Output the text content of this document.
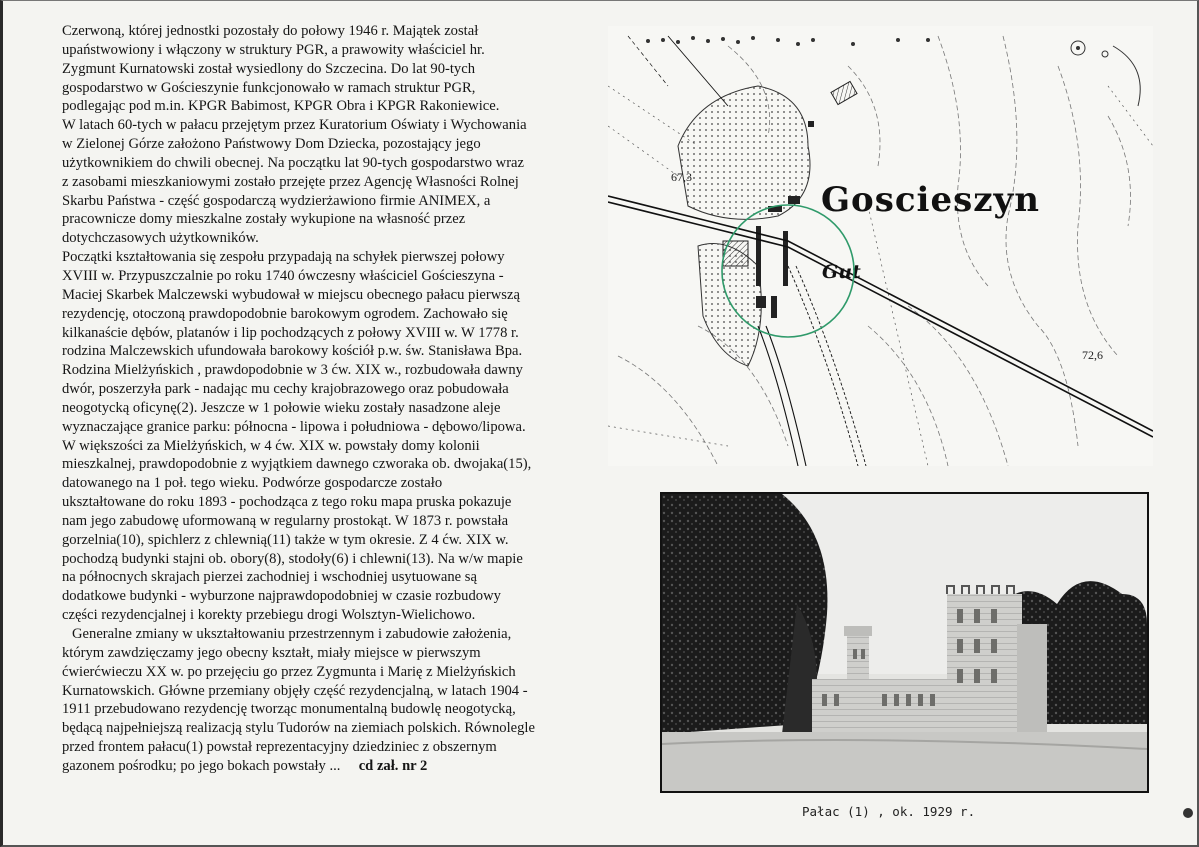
Czerwoną, której jednostki pozostały do połowy 1946 r. Majątek został
upaństwowiony i włączony w struktury PGR, a prawowity właściciel hr.
Zygmunt Kurnatowski został wysiedlony do Szczecina. Do lat 90-tych
gospodarstwo w Gościeszynie funkcjonowało w ramach struktur PGR,
podlegając pod m.in. KPGR Babimost, KPGR Obra i KPGR Rakoniewice.
W latach 60-tych w pałacu przejętym przez Kuratorium Oświaty i Wychowania
w Zielonej Górze założono Państwowy Dom Dziecka, pozostający jego
użytkownikiem do chwili obecnej. Na początku lat 90-tych gospodarstwo wraz
z zasobami mieszkaniowymi zostało przejęte przez Agencję Własności Rolnej
Skarbu Państwa - część gospodarczą wydzierżawiono firmie ANIMEX, a
pracownicze domy mieszkalne zostały wykupione na własność przez
dotychczasowych użytkowników.
Początki kształtowania się zespołu przypadają na schyłek pierwszej połowy
XVIII w. Przypuszczalnie po roku 1740 ówczesny właściciel Gościeszyna -
Maciej Skarbek Malczewski wybudował w miejscu obecnego pałacu pierwszą
rezydencję, otoczoną prawdopodobnie barokowym ogrodem. Zachowało się
kilkanaście dębów, platanów i lip pochodzących z połowy XVIII w. W 1778 r.
rodzina Malczewskich ufundowała barokowy kościół p.w. św. Stanisława Bpa.
Rodzina Mielżyńskich , prawdopodobnie w 3 ćw. XIX w., rozbudowała dawny
dwór, poszerzyła park - nadając mu cechy krajobrazowego oraz pobudowała
neogotycką oficynę(2). Jeszcze w 1 połowie wieku zostały nasadzone aleje
wyznaczające granice parku: północna - lipowa i południowa - dębowo/lipowa.
W większości za Mielżyńskich, w 4 ćw. XIX w. powstały domy kolonii
mieszkalnej, prawdopodobnie z wyjątkiem dawnego czworaka ob. dwojaka(15),
datowanego na 1 poł. tego wieku. Podwórze gospodarcze zostało
ukształtowane do roku 1893 - pochodząca z tego roku mapa pruska pokazuje
nam jego zabudowę uformowaną w regularny prostokąt. W 1873 r. powstała
gorzelnia(10), spichlerz z chlewnią(11) także w tym okresie. Z 4 ćw. XIX w.
pochodzą budynki stajni ob. obory(8), stodoły(6) i chlewni(13). Na w/w mapie
na północnych skrajach pierzei zachodniej i wschodniej usytuowane są
dodatkowe budynki - wyburzone najprawdopodobniej w czasie rozbudowy
części rezydencjalnej i korekty przebiegu drogi Wolsztyn-Wielichowo.
Generalne zmiany w ukształtowaniu przestrzennym i zabudowie założenia,
którym zawdzięczamy jego obecny kształt, miały miejsce w pierwszym
ćwierćwieczu XX w. po przejęciu go przez Zygmunta i Marię z Mielżyńskich
Kurnatowskich. Główne przemiany objęły część rezydencjalną, w latach 1904 -
1911 przebudowano rezydencję tworząc monumentalną budowlę neogotycką,
będącą najpełniejszą realizacją stylu Tudorów na ziemiach polskich. Równolegle
przed frontem pałacu(1) powstał reprezentacyjny dziedziniec z obszernym
gazonem pośrodku; po jego bokach powstały ... cd zał. nr 2
67,3
72,6
Goscieszyn
Gut
Pałac (1) , ok. 1929 r.
